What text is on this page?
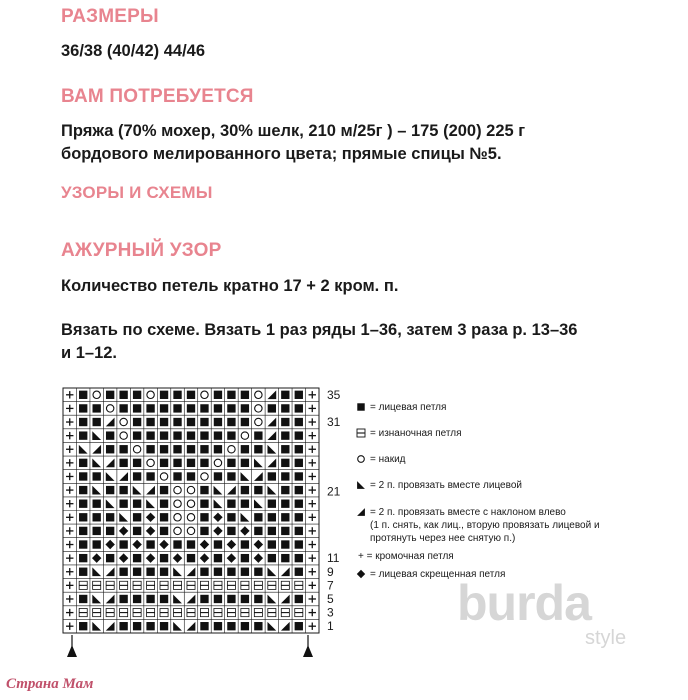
РАЗМЕРЫ

36/38 (40/42) 44/46

ВАМ ПОТРЕБУЕТСЯ

Пряжа (70% мохер, 30% шелк, 210 м/25г ) – 175 (200) 225 г

бордового мелированного цвета; прямые спицы №5.

УЗОРЫ И СХЕМЫ
АЖУРНЫЙ УЗОР

Количество петель кратно 17 + 2 кром. п.

Вязать по схеме. Вязать 1 раз ряды 1–36, затем 3 раза р. 13–36

и 1–12.

1
3
5
7
9
11
21
31
35
= лицевая петля
= изнаночная петля
= накид
= 2 п. провязать вместе лицевой
= 2 п. провязать вместе с наклоном влево
(1 п. снять, как лиц., вторую провязать лицевой и
протянуть через нее снятую п.)
+ = кромочная петля
= лицевая скрещенная петля
burda
style
Страна Мам
